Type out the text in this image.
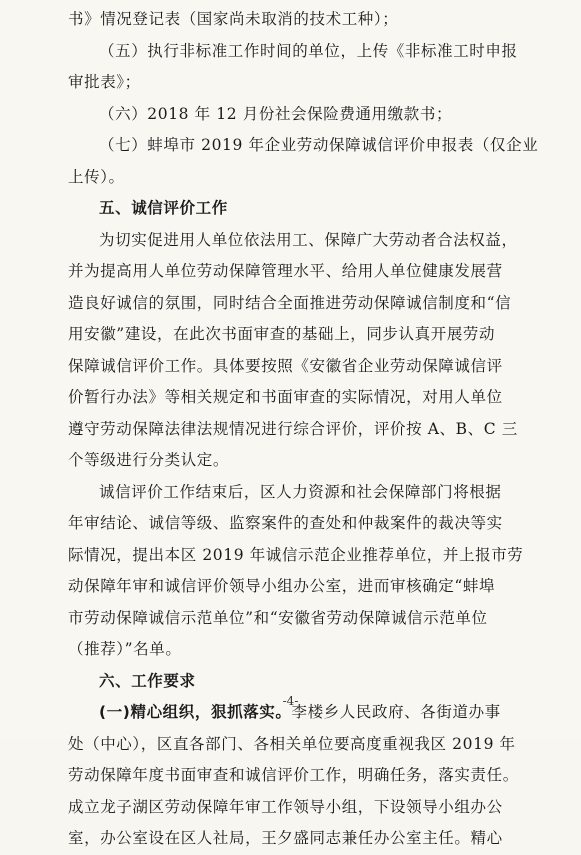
书》情况登记表（国家尚未取消的技术工种）；
（五）执行非标准工作时间的单位，上传《非标准工时申报
审批表》；
（六）2018 年 12 月份社会保险费通用缴款书；
（七）蚌埠市 2019 年企业劳动保障诚信评价申报表（仅企业
上传）。
五、诚信评价工作
为切实促进用人单位依法用工、保障广大劳动者合法权益，
并为提高用人单位劳动保障管理水平、给用人单位健康发展营
造良好诚信的氛围，同时结合全面推进劳动保障诚信制度和“信
用安徽”建设，在此次书面审查的基础上，同步认真开展劳动
保障诚信评价工作。具体要按照《安徽省企业劳动保障诚信评
价暂行办法》等相关规定和书面审查的实际情况，对用人单位
遵守劳动保障法律法规情况进行综合评价，评价按 A、B、C 三
个等级进行分类认定。
诚信评价工作结束后，区人力资源和社会保障部门将根据
年审结论、诚信等级、监察案件的查处和仲裁案件的裁决等实
际情况，提出本区 2019 年诚信示范企业推荐单位，并上报市劳
动保障年审和诚信评价领导小组办公室，进而审核确定“蚌埠
市劳动保障诚信示范单位”和“安徽省劳动保障诚信示范单位
（推荐）”名单。
六、工作要求
(一)精心组织，狠抓落实。李楼乡人民政府、各街道办事
处（中心），区直各部门、各相关单位要高度重视我区 2019 年
劳动保障年度书面审查和诚信评价工作，明确任务，落实责任。
成立龙子湖区劳动保障年审工作领导小组，下设领导小组办公
室，办公室设在区人社局，王夕盛同志兼任办公室主任。精心
-4-
